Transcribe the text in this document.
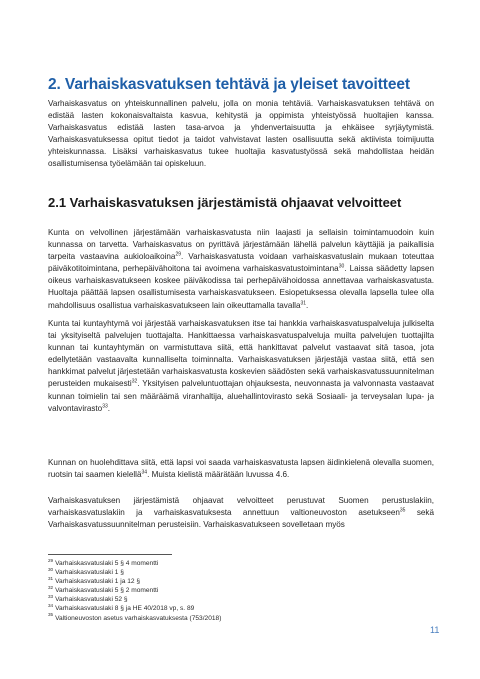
2. Varhaiskasvatuksen tehtävä ja yleiset tavoitteet

Varhaiskasvatus on yhteiskunnallinen palvelu, jolla on monia tehtäviä. Varhaiskasvatuksen tehtävä on edistää lasten kokonaisvaltaista kasvua, kehitystä ja oppimista yhteistyössä huoltajien kanssa. Varhaiskasvatus edistää lasten tasa-arvoa ja yhdenvertaisuutta ja ehkäisee syrjäytymistä. Varhaiskasvatuksessa opitut tiedot ja taidot vahvistavat lasten osallisuutta sekä aktiivista toimijuutta yhteiskunnassa. Lisäksi varhaiskasvatus tukee huoltajia kasvatustyössä sekä mahdollistaa heidän osallistumisensa työelämään tai opiskeluun.

2.1 Varhaiskasvatuksen järjestämistä ohjaavat velvoitteet

Kunta on velvollinen järjestämään varhaiskasvatusta niin laajasti ja sellaisin toimintamuodoin kuin kunnassa on tarvetta. Varhaiskasvatus on pyrittävä järjestämään lähellä palvelun käyttäjiä ja paikallisia tarpeita vastaavina aukioloaikoina$^{29}$. Varhaiskasvatusta voidaan varhaiskasvatuslain mukaan toteuttaa päiväkotitoimintana, perhepäivähoitona tai avoimena varhaiskasvatustoimintana$^{30}$. Laissa säädetty lapsen oikeus varhaiskasvatukseen koskee päiväkodissa tai perhepäivähoidossa annettavaa varhaiskasvatusta. Huoltaja päättää lapsen osallistumisesta varhaiskasvatukseen. Esiopetuksessa olevalla lapsella tulee olla mahdollisuus osallistua varhaiskasvatukseen lain oikeuttamalla tavalla$^{31}$.

Kunta tai kuntayhtymä voi järjestää varhaiskasvatuksen itse tai hankkia varhaiskasvatuspalveluja julkiselta tai yksityiseltä palvelujen tuottajalta. Hankittaessa varhaiskasvatuspalveluja muilta palvelujen tuottajilta kunnan tai kuntayhtymän on varmistuttava siitä, että hankittavat palvelut vastaavat sitä tasoa, jota edellytetään vastaavalta kunnalliselta toiminnalta. Varhaiskasvatuksen järjestäjä vastaa siitä, että sen hankkimat palvelut järjestetään varhaiskasvatusta koskevien säädösten sekä varhaiskasvatussuunnitelman perusteiden mukaisesti$^{32}$. Yksityisen palveluntuottajan ohjauksesta, neuvonnasta ja valvonnasta vastaavat kunnan toimielin tai sen määräämä viranhaltija, aluehallintovirasto sekä Sosiaali- ja terveysalan lupa- ja valvontavirasto$^{33}$.

Kunnan on huolehdittava siitä, että lapsi voi saada varhaiskasvatusta lapsen äidinkielenä olevalla suomen, ruotsin tai saamen kielellä$^{34}$. Muista kielistä määrätään luvussa 4.6.

Varhaiskasvatuksen järjestämistä ohjaavat velvoitteet perustuvat Suomen perustuslakiin, varhaiskasvatuslakiin ja varhaiskasvatuksesta annettuun valtioneuvoston asetukseen$^{35}$ sekä Varhaiskasvatussuunnitelman perusteisiin. Varhaiskasvatukseen sovelletaan myös

$^{29}$ Varhaiskasvatuslaki 5 § 4 momentti
$^{30}$ Varhaiskasvatuslaki 1 §
$^{31}$ Varhaiskasvatuslaki 1 ja 12 §
$^{32}$ Varhaiskasvatuslaki 5 § 2 momentti
$^{33}$ Varhaiskasvatuslaki 52 §
$^{34}$ Varhaiskasvatuslaki 8 § ja HE 40/2018 vp, s. 89
$^{35}$ Valtioneuvoston asetus varhaiskasvatuksesta (753/2018)
11
